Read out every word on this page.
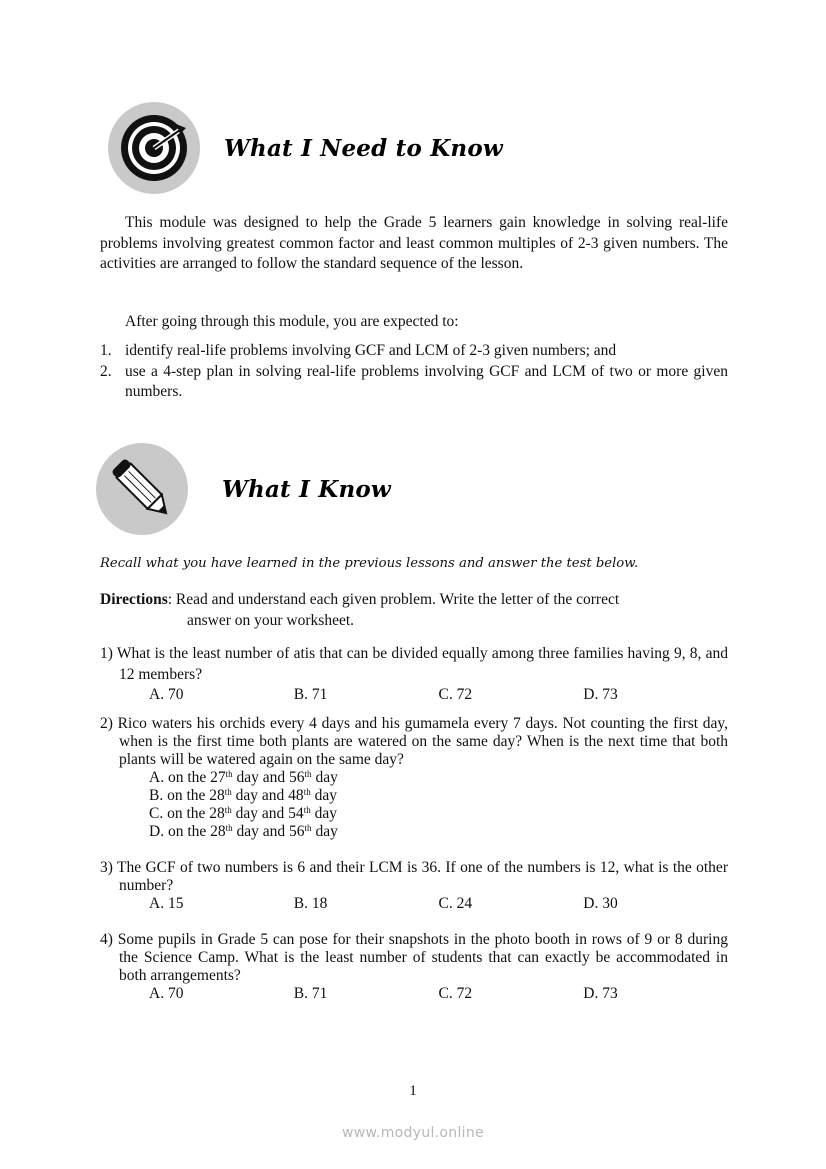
What I Need to Know
This module was designed to help the Grade 5 learners gain knowledge in solving real-life problems involving greatest common factor and least common multiples of 2-3 given numbers. The activities are arranged to follow the standard sequence of the lesson.
After going through this module, you are expected to:
1. identify real-life problems involving GCF and LCM of 2-3 given numbers; and
2. use a 4-step plan in solving real-life problems involving GCF and LCM of two or more given numbers.
What I Know
Recall what you have learned in the previous lessons and answer the test below.
Directions: Read and understand each given problem. Write the letter of the correct
answer on your worksheet.
1) What is the least number of atis that can be divided equally among three families having 9, 8, and 12 members?
A. 70	B. 71	C. 72	D. 73
2) Rico waters his orchids every 4 days and his gumamela every 7 days. Not counting the first day, when is the first time both plants are watered on the same day? When is the next time that both plants will be watered again on the same day?
A. on the 27th day and 56th day
B. on the 28th day and 48th day
C. on the 28th day and 54th day
D. on the 28th day and 56th day
3) The GCF of two numbers is 6 and their LCM is 36. If one of the numbers is 12, what is the other number?
A. 15	B. 18	C. 24	D. 30
4) Some pupils in Grade 5 can pose for their snapshots in the photo booth in rows of 9 or 8 during the Science Camp. What is the least number of students that can exactly be accommodated in both arrangements?
A. 70	B. 71	C. 72	D. 73
1
www.modyul.online
